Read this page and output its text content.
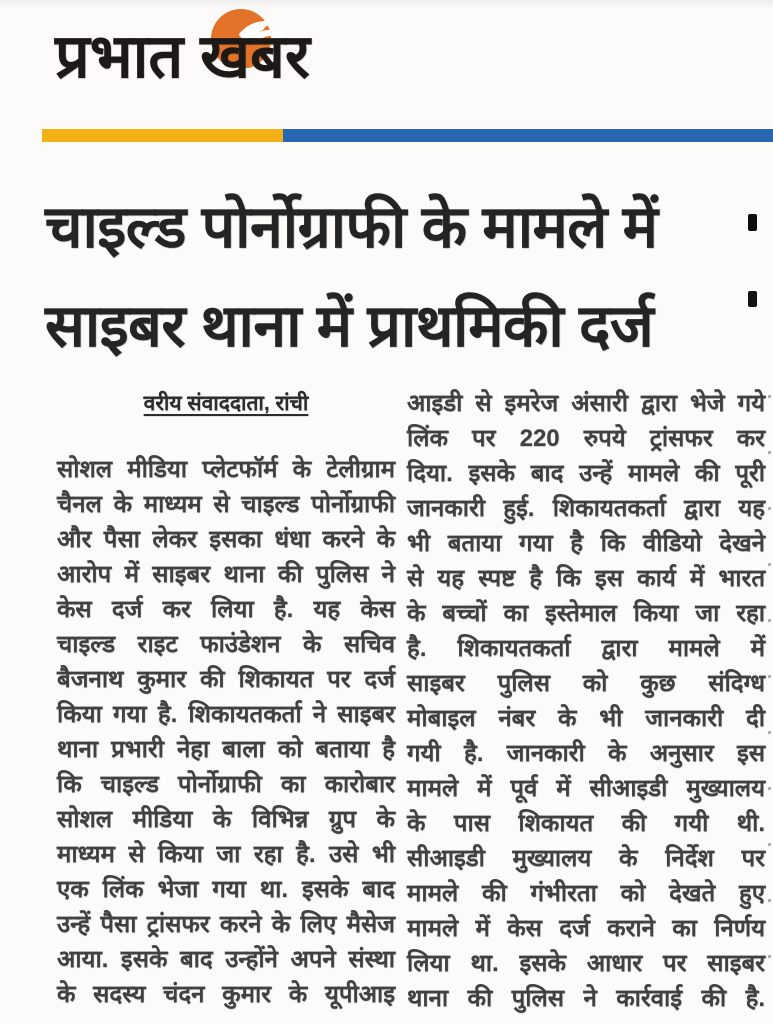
प्रभात खबर
चाइल्ड पोर्नोग्राफी के मामले में
साइबर थाना में प्राथमिकी दर्ज
वरीय संवाददाता, रांची
सोशल मीडिया प्लेटफॉर्म के टेलीग्राम
चैनल के माध्यम से चाइल्ड पोर्नोग्राफी
और पैसा लेकर इसका धंधा करने के
आरोप में साइबर थाना की पुलिस ने
केस दर्ज कर लिया है. यह केस
चाइल्ड राइट फाउंडेशन के सचिव
बैजनाथ कुमार की शिकायत पर दर्ज
किया गया है. शिकायतकर्ता ने साइबर
थाना प्रभारी नेहा बाला को बताया है
कि चाइल्ड पोर्नोग्राफी का कारोबार
सोशल मीडिया के विभिन्न ग्रुप के
माध्यम से किया जा रहा है. उसे भी
एक लिंक भेजा गया था. इसके बाद
उन्हें पैसा ट्रांसफर करने के लिए मैसेज
आया. इसके बाद उन्होंने अपने संस्था
के सदस्य चंदन कुमार के यूपीआइ
आइडी से इमरेज अंसारी द्वारा भेजे गये
लिंक पर 220 रुपये ट्रांसफर कर
दिया. इसके बाद उन्हें मामले की पूरी
जानकारी हुई. शिकायतकर्ता द्वारा यह
भी बताया गया है कि वीडियो देखने
से यह स्पष्ट है कि इस कार्य में भारत
के बच्चों का इस्तेमाल किया जा रहा
है. शिकायतकर्ता द्वारा मामले में
साइबर पुलिस को कुछ संदिग्ध
मोबाइल नंबर के भी जानकारी दी
गयी है. जानकारी के अनुसार इस
मामले में पूर्व में सीआइडी मुख्यालय
के पास शिकायत की गयी थी.
सीआइडी मुख्यालय के निर्देश पर
मामले की गंभीरता को देखते हुए
मामले में केस दर्ज कराने का निर्णय
लिया था. इसके आधार पर साइबर
थाना की पुलिस ने कार्रवाई की है.
